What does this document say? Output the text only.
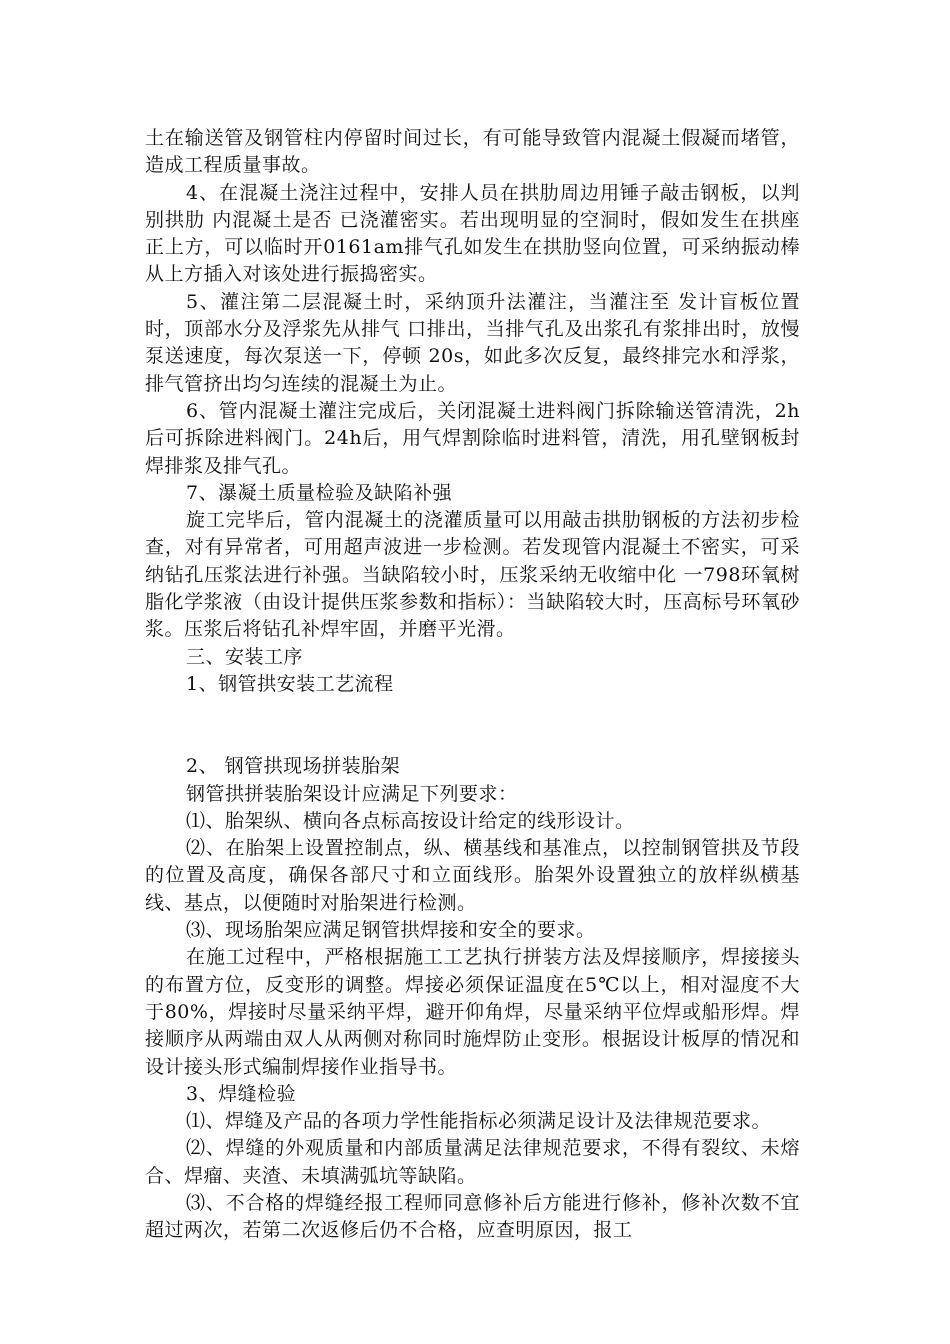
土在输送管及钢管柱内停留时间过长，有可能导致管内混凝土假凝而堵管，造成工程质量事故。

4、在混凝土浇注过程中，安排人员在拱肋周边用锤子敲击钢板，以判别拱肋 内混凝土是否 已浇灌密实。若出现明显的空洞时，假如发生在拱座正上方，可以临时开0161am排气孔如发生在拱肋竖向位置，可采纳振动棒从上方插入对该处进行振捣密实。

5、灌注第二层混凝土时，采纳顶升法灌注，当灌注至 发计盲板位置时，顶部水分及浮浆先从排气 口排出，当排气孔及出浆孔有浆排出时，放慢泵送速度，每次泵送一下，停顿 20s，如此多次反复，最终排完水和浮浆，排气管挤出均匀连续的混凝土为止。

6、管内混凝土灌注完成后，关闭混凝土进料阀门拆除输送管清洗，2h后可拆除进料阀门。24h后，用气焊割除临时进料管，清洗，用孔壁钢板封焊排浆及排气孔。

7、瀑凝土质量检验及缺陷补强

旋工完毕后，管内混凝土的浇灌质量可以用敲击拱肋钢板的方法初步检查，对有异常者，可用超声波进一步检测。若发现管内混凝土不密实，可采纳钻孔压浆法进行补强。当缺陷较小时，压浆采纳无收缩中化 一798环氧树脂化学浆液（由设计提供压浆参数和指标）：当缺陷较大时，压高标号环氧砂浆。压浆后将钻孔补焊牢固，并磨平光滑。

三、安装工序

1、钢管拱安装工艺流程

2、 钢管拱现场拼装胎架

钢管拱拼装胎架设计应满足下列要求：

⑴、胎架纵、横向各点标高按设计给定的线形设计。

⑵、在胎架上设置控制点，纵、横基线和基准点，以控制钢管拱及节段的位置及高度，确保各部尺寸和立面线形。胎架外设置独立的放样纵横基线、基点，以便随时对胎架进行检测。

⑶、现场胎架应满足钢管拱焊接和安全的要求。

在施工过程中，严格根据施工工艺执行拼装方法及焊接顺序，焊接接头的布置方位，反变形的调整。焊接必须保证温度在5℃以上，相对湿度不大于80%，焊接时尽量采纳平焊，避开仰角焊，尽量采纳平位焊或船形焊。焊接顺序从两端由双人从两侧对称同时施焊防止变形。根据设计板厚的情况和设计接头形式编制焊接作业指导书。

3、焊缝检验

⑴、焊缝及产品的各项力学性能指标必须满足设计及法律规范要求。

⑵、焊缝的外观质量和内部质量满足法律规范要求，不得有裂纹、未熔合、焊瘤、夹渣、未填满弧坑等缺陷。

⑶、不合格的焊缝经报工程师同意修补后方能进行修补，修补次数不宜超过两次，若第二次返修后仍不合格，应查明原因，报工
